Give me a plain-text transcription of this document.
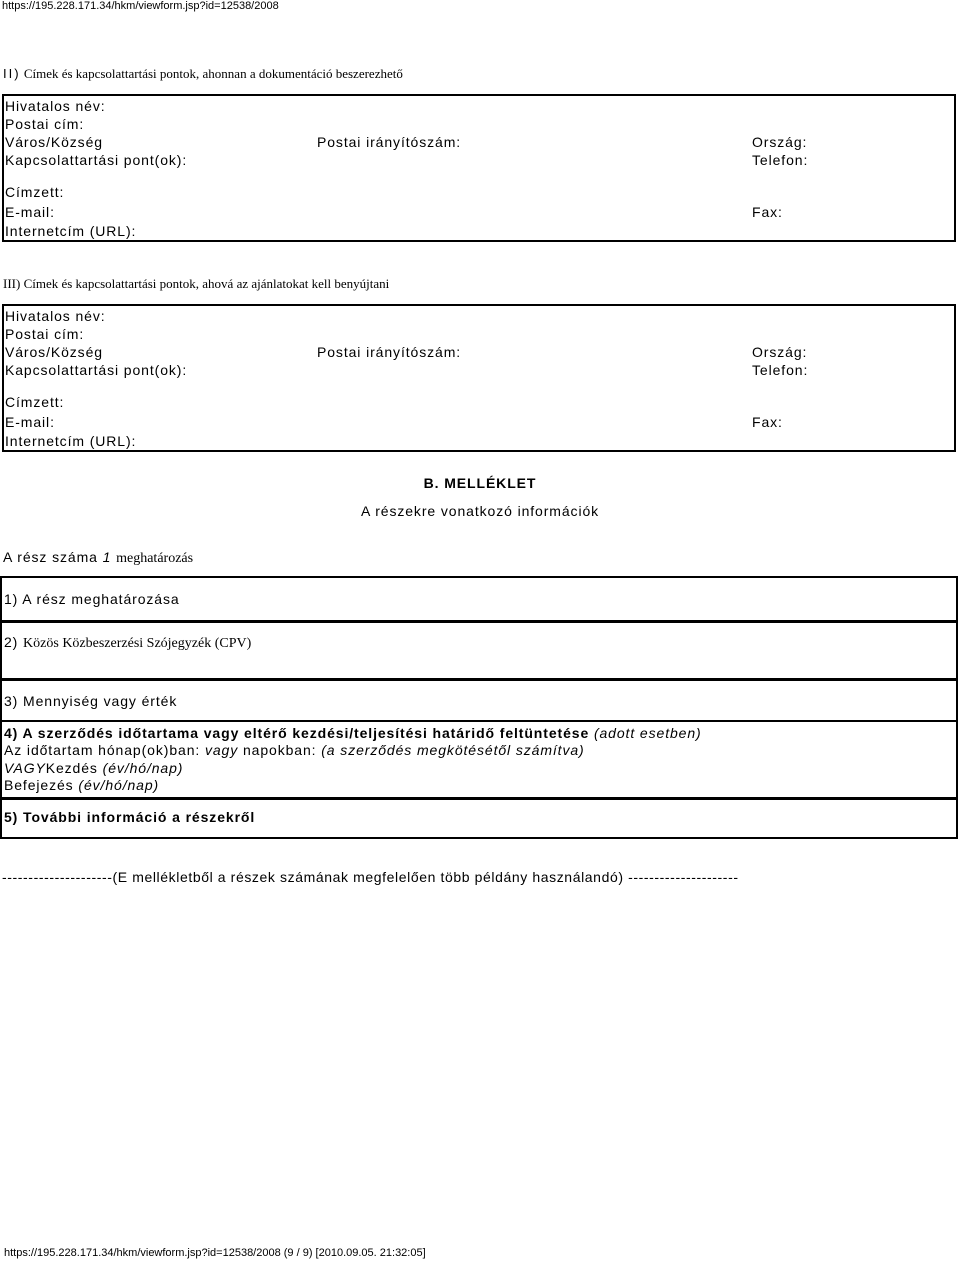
https://195.228.171.34/hkm/viewform.jsp?id=12538/2008
II) Címek és kapcsolattartási pontok, ahonnan a dokumentáció beszerezhető
Hivatalos név:
Postai cím:
Város/Község	Postai irányítószám:	Ország:
Kapcsolattartási pont(ok):	Telefon:
Címzett:
E-mail:	Fax:
Internetcím (URL):
III) Címek és kapcsolattartási pontok, ahová az ajánlatokat kell benyújtani
Hivatalos név:
Postai cím:
Város/Község	Postai irányítószám:	Ország:
Kapcsolattartási pont(ok):	Telefon:
Címzett:
E-mail:	Fax:
Internetcím (URL):
B. MELLÉKLET
A részekre vonatkozó információk
A rész száma 1 meghatározás
1) A rész meghatározása
2) Közös Közbeszerzési Szójegyzék (CPV)
3) Mennyiség vagy érték
4) A szerződés időtartama vagy eltérő kezdési/teljesítési határidő feltüntetése (adott esetben)
Az időtartam hónap(ok)ban: vagy napokban: (a szerződés megkötésétől számítva)
VAGYKezdés (év/hó/nap)
Befejezés (év/hó/nap)
5) További információ a részekről
---------------------(E mellékletből a részek számának megfelelően több példány használandó) ---------------------
https://195.228.171.34/hkm/viewform.jsp?id=12538/2008 (9 / 9) [2010.09.05. 21:32:05]
